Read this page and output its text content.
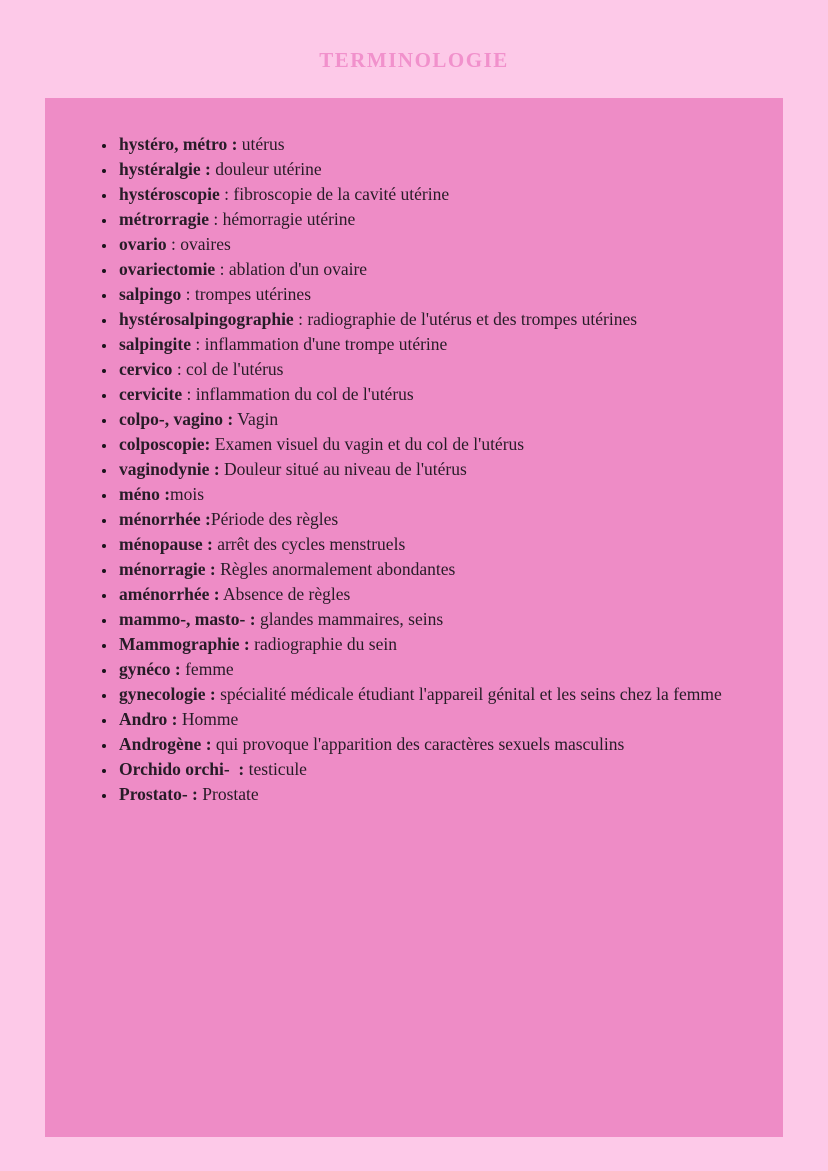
TERMINOLOGIE
• hystéro, métro : utérus
• hystéralgie : douleur utérine
• hystéroscopie : fibroscopie de la cavité utérine
• métrorragie : hémorragie utérine
• ovario : ovaires
• ovariectomie : ablation d'un ovaire
• salpingo : trompes utérines
• hystérosalpingographie : radiographie de l'utérus et des trompes utérines
• salpingite : inflammation d'une trompe utérine
• cervico : col de l'utérus
• cervicite : inflammation du col de l'utérus
• colpo-, vagino : Vagin
• colposcopie: Examen visuel du vagin et du col de l'utérus
• vaginodynie : Douleur situé au niveau de l'utérus
• méno :mois
• ménorrhée :Période des règles
• ménopause : arrêt des cycles menstruels
• ménorragie : Règles anormalement abondantes
• aménorrhée : Absence de règles
• mammo-, masto- : glandes mammaires, seins
• Mammographie : radiographie du sein
• gynéco : femme
• gynecologie : spécialité médicale étudiant l'appareil génital et les seins chez la femme
• Andro : Homme
• Androgène : qui provoque l'apparition des caractères sexuels masculins
• Orchido orchi-  : testicule
• Prostato- : Prostate
